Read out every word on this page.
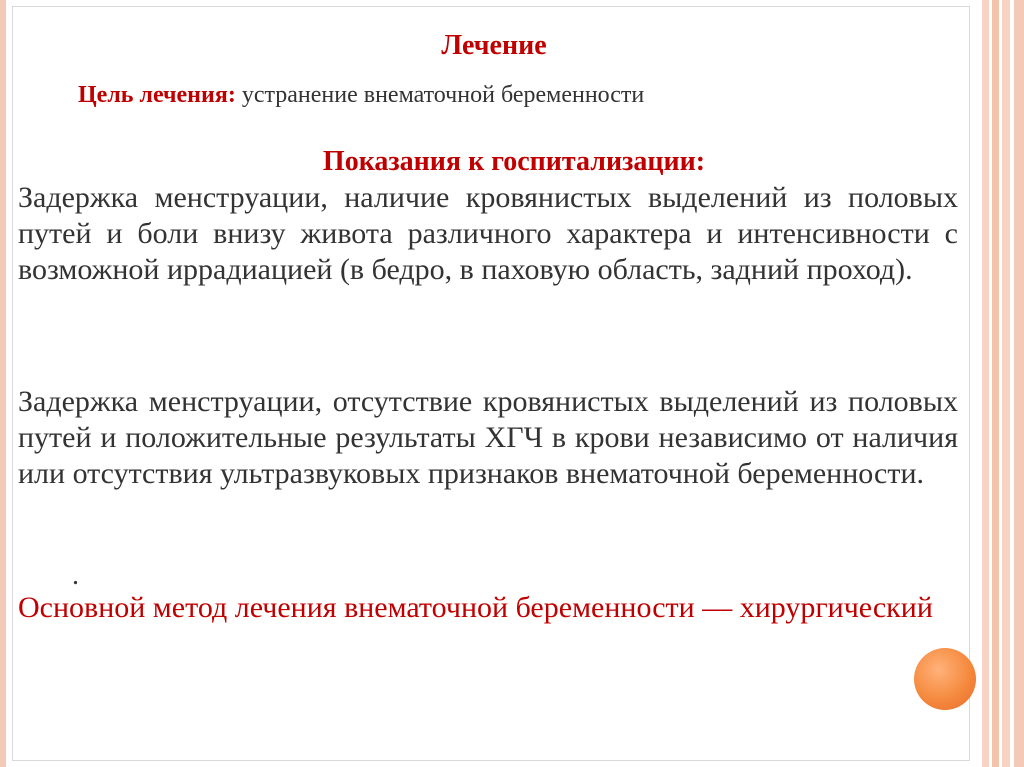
Лечение

Цель лечения: устранение внематочной беременности

Показания к госпитализации:

Задержка менструации, наличие кровянистых выделений из половых путей и боли внизу живота различного характера и интенсивности с возможной иррадиацией (в бедро, в паховую область, задний проход).

Задержка менструации, отсутствие кровянистых выделений из половых путей и положительные результаты ХГЧ в крови независимо от наличия или отсутствия ультразвуковых признаков внематочной беременности.

.

Основной метод лечения внематочной беременности — хирургический
